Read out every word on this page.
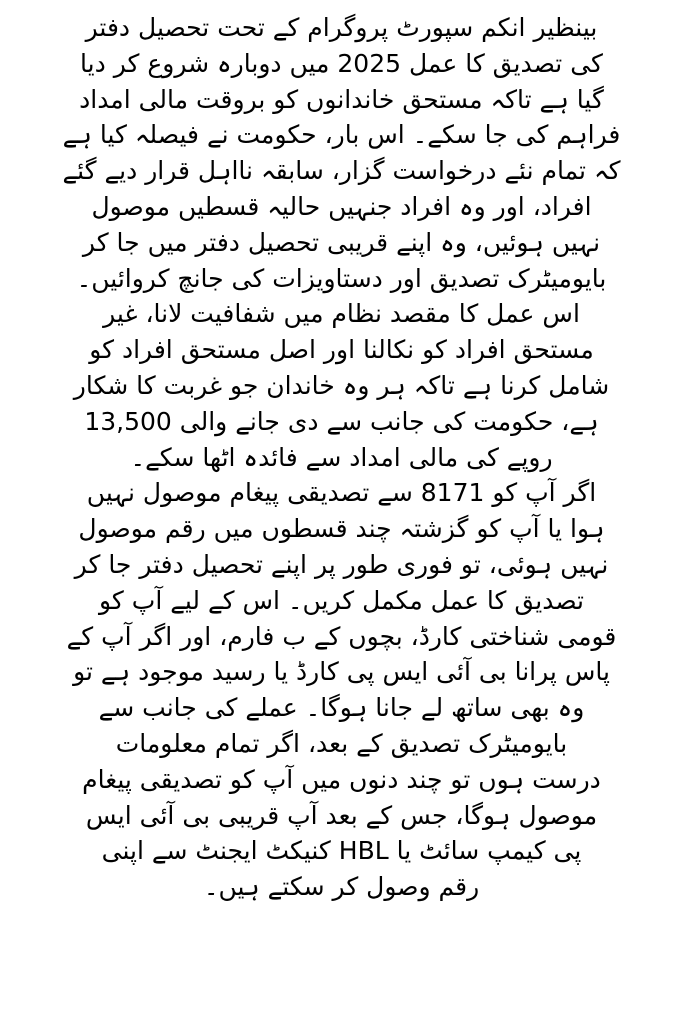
بینظیر انکم سپورٹ پروگرام کے تحت تحصیل دفتر
کی تصدیق کا عمل 2025 میں دوبارہ شروع کر دیا
گیا ہے تاکہ مستحق خاندانوں کو بروقت مالی امداد
فراہم کی جا سکے۔ اس بار، حکومت نے فیصلہ کیا ہے
کہ تمام نئے درخواست گزار، سابقہ نااہل قرار دیے گئے
افراد، اور وہ افراد جنہیں حالیہ قسطیں موصول
نہیں ہوئیں، وہ اپنے قریبی تحصیل دفتر میں جا کر
بایومیٹرک تصدیق اور دستاویزات کی جانچ کروائیں۔
اس عمل کا مقصد نظام میں شفافیت لانا، غیر
مستحق افراد کو نکالنا اور اصل مستحق افراد کو
شامل کرنا ہے تاکہ ہر وہ خاندان جو غربت کا شکار
ہے، حکومت کی جانب سے دی جانے والی 13,500
روپے کی مالی امداد سے فائدہ اٹھا سکے۔
اگر آپ کو 8171 سے تصدیقی پیغام موصول نہیں
ہوا یا آپ کو گزشتہ چند قسطوں میں رقم موصول
نہیں ہوئی، تو فوری طور پر اپنے تحصیل دفتر جا کر
تصدیق کا عمل مکمل کریں۔ اس کے لیے آپ کو
قومی شناختی کارڈ، بچوں کے ب فارم، اور اگر آپ کے
پاس پرانا بی آئی ایس پی کارڈ یا رسید موجود ہے تو
وہ بھی ساتھ لے جانا ہوگا۔ عملے کی جانب سے
بایومیٹرک تصدیق کے بعد، اگر تمام معلومات
درست ہوں تو چند دنوں میں آپ کو تصدیقی پیغام
موصول ہوگا، جس کے بعد آپ قریبی بی آئی ایس
پی کیمپ سائٹ یا HBL کنیکٹ ایجنٹ سے اپنی
رقم وصول کر سکتے ہیں۔
